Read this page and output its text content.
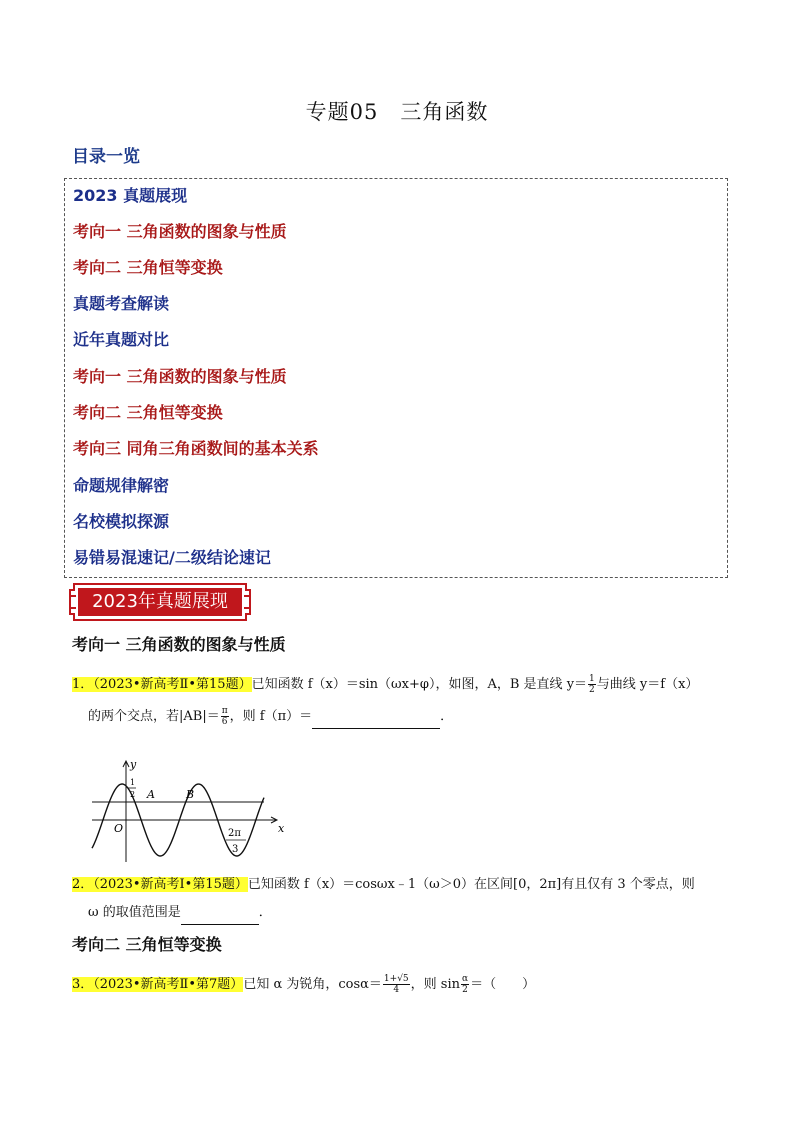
专题05 三角函数
目录一览
2023 真题展现
考向一 三角函数的图象与性质
考向二 三角恒等变换
真题考查解读
近年真题对比
考向一 三角函数的图象与性质
考向二 三角恒等变换
考向三 同角三角函数间的基本关系
命题规律解密
名校模拟探源
易错易混速记/二级结论速记
2023年真题展现
考向一 三角函数的图象与性质
1．（2023•新高考Ⅱ•第15题）已知函数 f（x）＝sin（ωx+φ），如图，A，B 是直线 $y= \frac{1}{2}$ 与曲线 y＝f（x）
的两个交点，若$|AB|= \frac{\pi}{6}$ ，则 f（π）＝	．
y
x
O
A	B
1
2
2π
3
2．（2023•新高考Ⅰ•第15题）已知函数 f（x）＝cosωx﹣1（ω＞0）在区间[0，2π]有且仅有 3 个零点，则
ω 的取值范围是	．
考向二 三角恒等变换
3．（2023•新高考Ⅱ•第7题）已知 α 为锐角，$\cos\alpha= \frac{1+√5}{4}$ ，则 $\sin \frac{\alpha}{2}$ ＝（　　）
